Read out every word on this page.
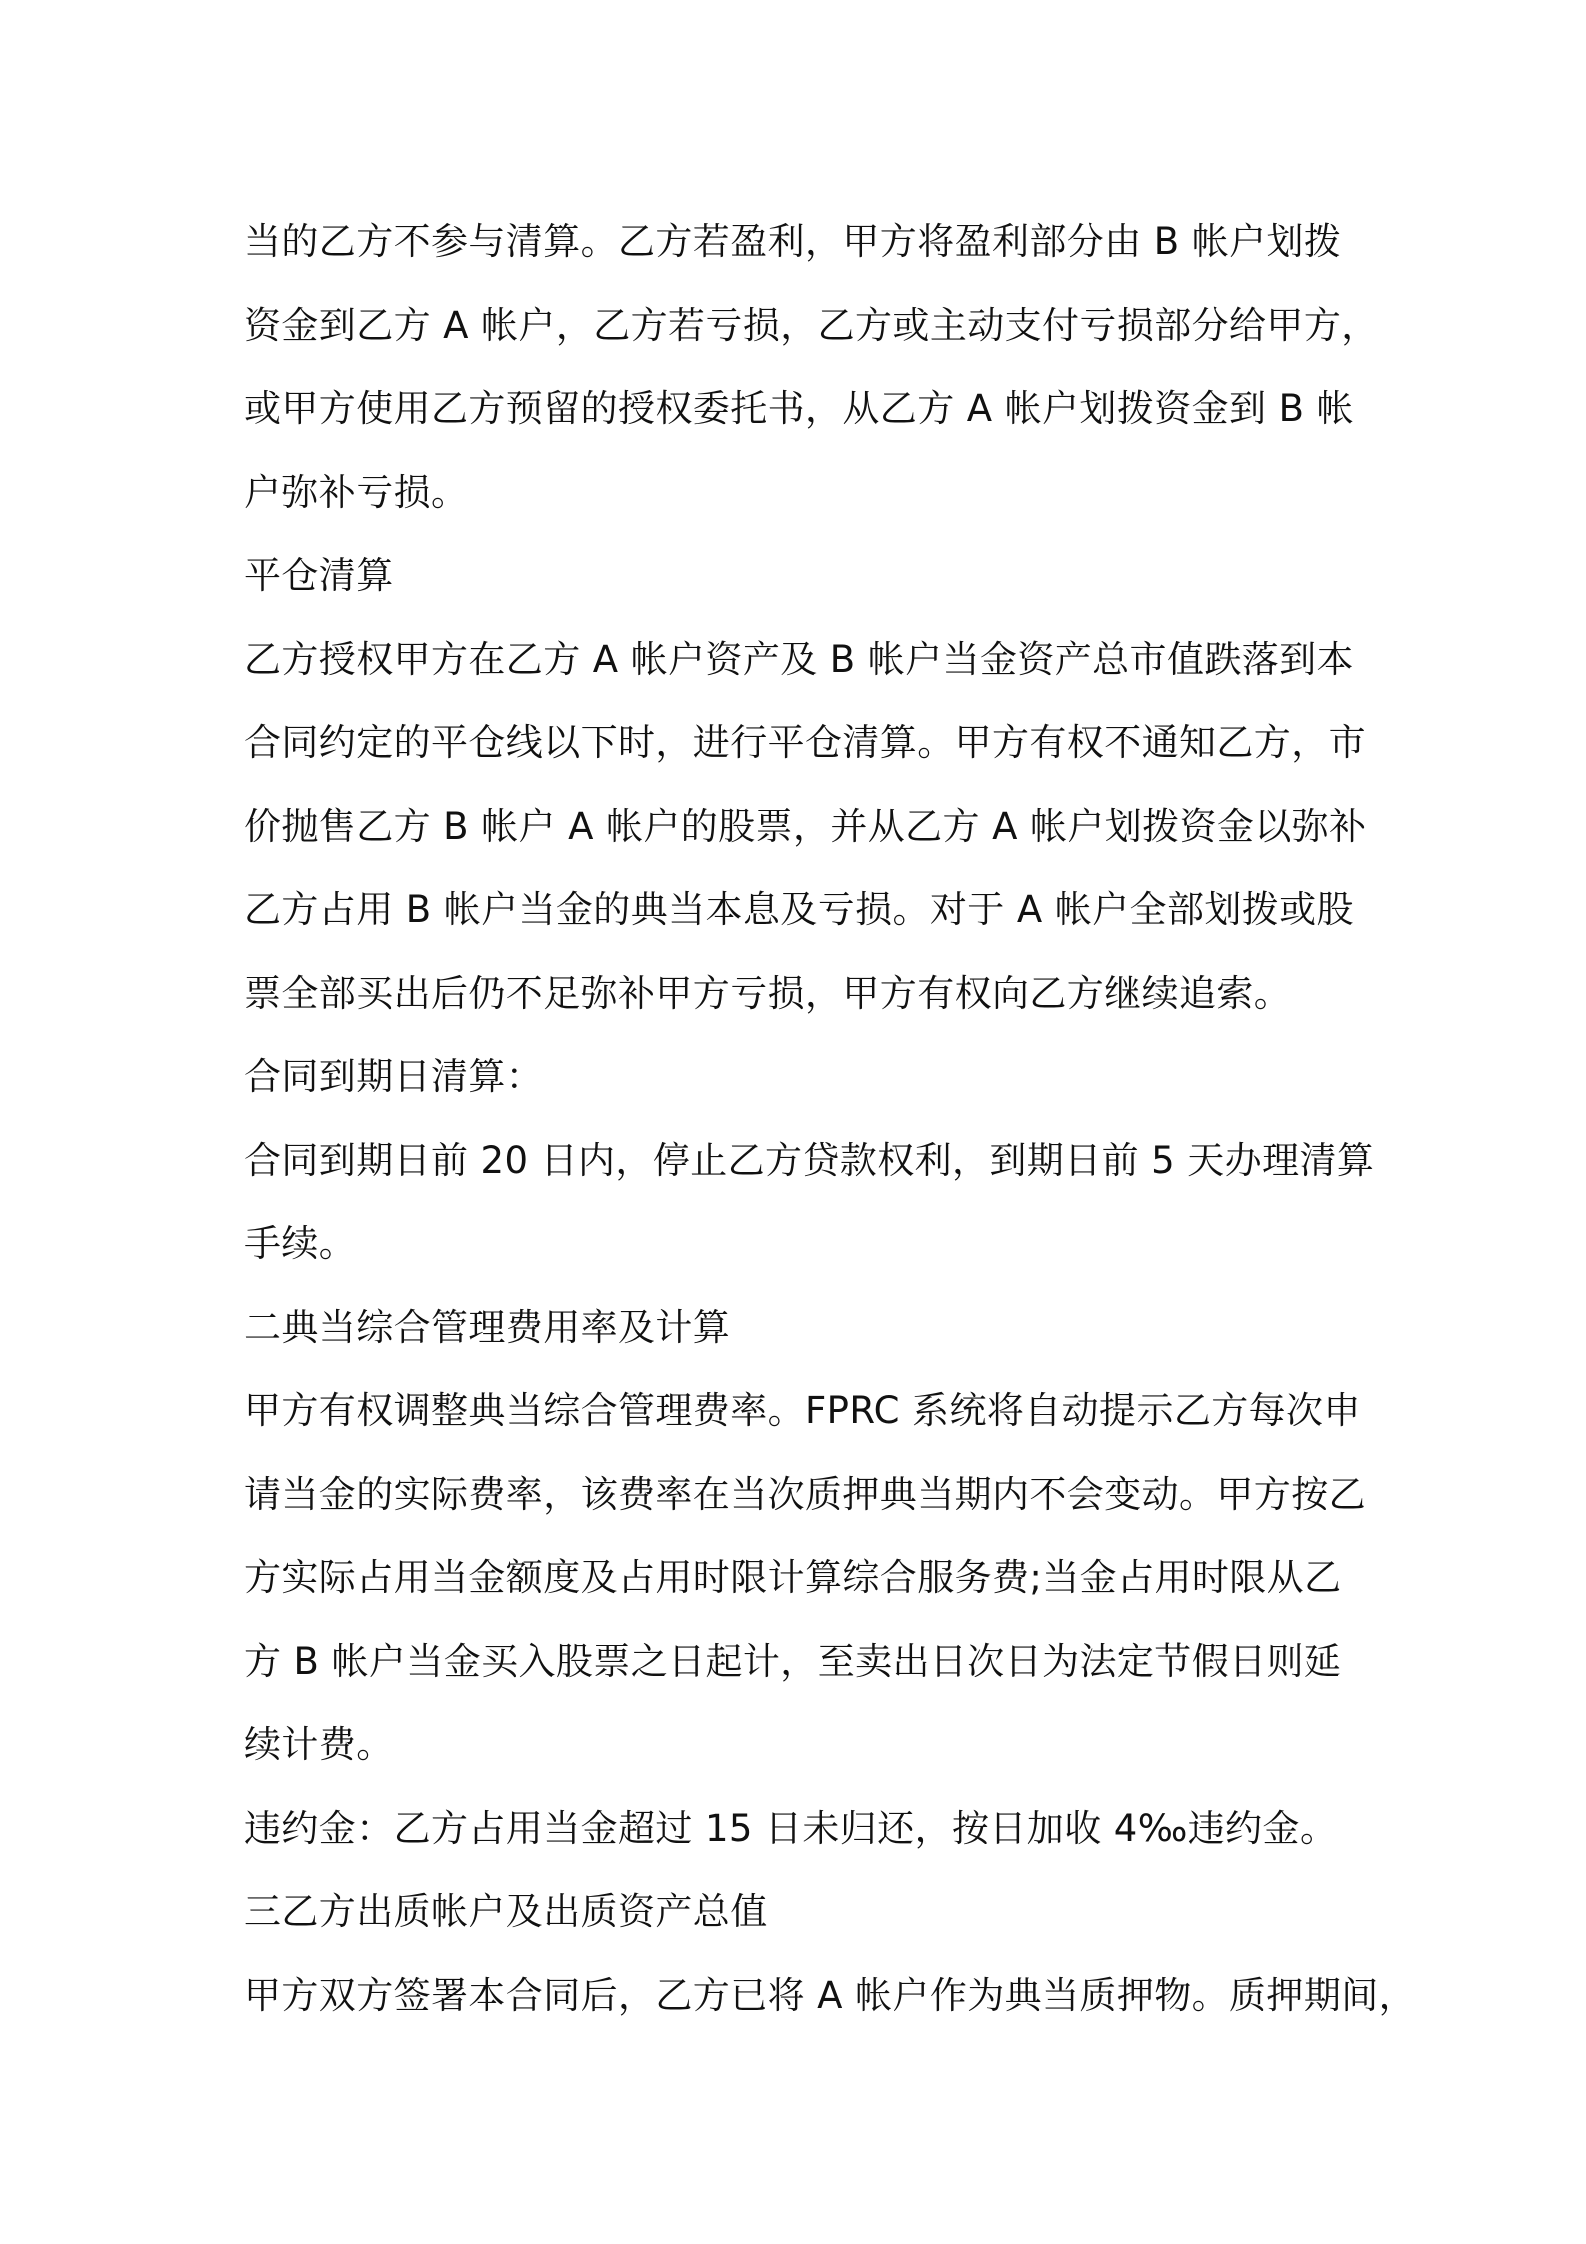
当的乙方不参与清算。乙方若盈利，甲方将盈利部分由 B 帐户划拨
资金到乙方 A 帐户，乙方若亏损，乙方或主动支付亏损部分给甲方，
或甲方使用乙方预留的授权委托书，从乙方 A 帐户划拨资金到 B 帐
户弥补亏损。
平仓清算
乙方授权甲方在乙方 A 帐户资产及 B 帐户当金资产总市值跌落到本
合同约定的平仓线以下时，进行平仓清算。甲方有权不通知乙方，市
价抛售乙方 B 帐户 A 帐户的股票，并从乙方 A 帐户划拨资金以弥补
乙方占用 B 帐户当金的典当本息及亏损。对于 A 帐户全部划拨或股
票全部买出后仍不足弥补甲方亏损，甲方有权向乙方继续追索。
合同到期日清算：
合同到期日前 20 日内，停止乙方贷款权利，到期日前 5 天办理清算
手续。
二典当综合管理费用率及计算
甲方有权调整典当综合管理费率。FPRC 系统将自动提示乙方每次申
请当金的实际费率，该费率在当次质押典当期内不会变动。甲方按乙
方实际占用当金额度及占用时限计算综合服务费;当金占用时限从乙
方 B 帐户当金买入股票之日起计，至卖出日次日为法定节假日则延
续计费。
违约金：乙方占用当金超过 15 日未归还，按日加收 4‰违约金。
三乙方出质帐户及出质资产总值
甲方双方签署本合同后，乙方已将 A 帐户作为典当质押物。质押期间，
